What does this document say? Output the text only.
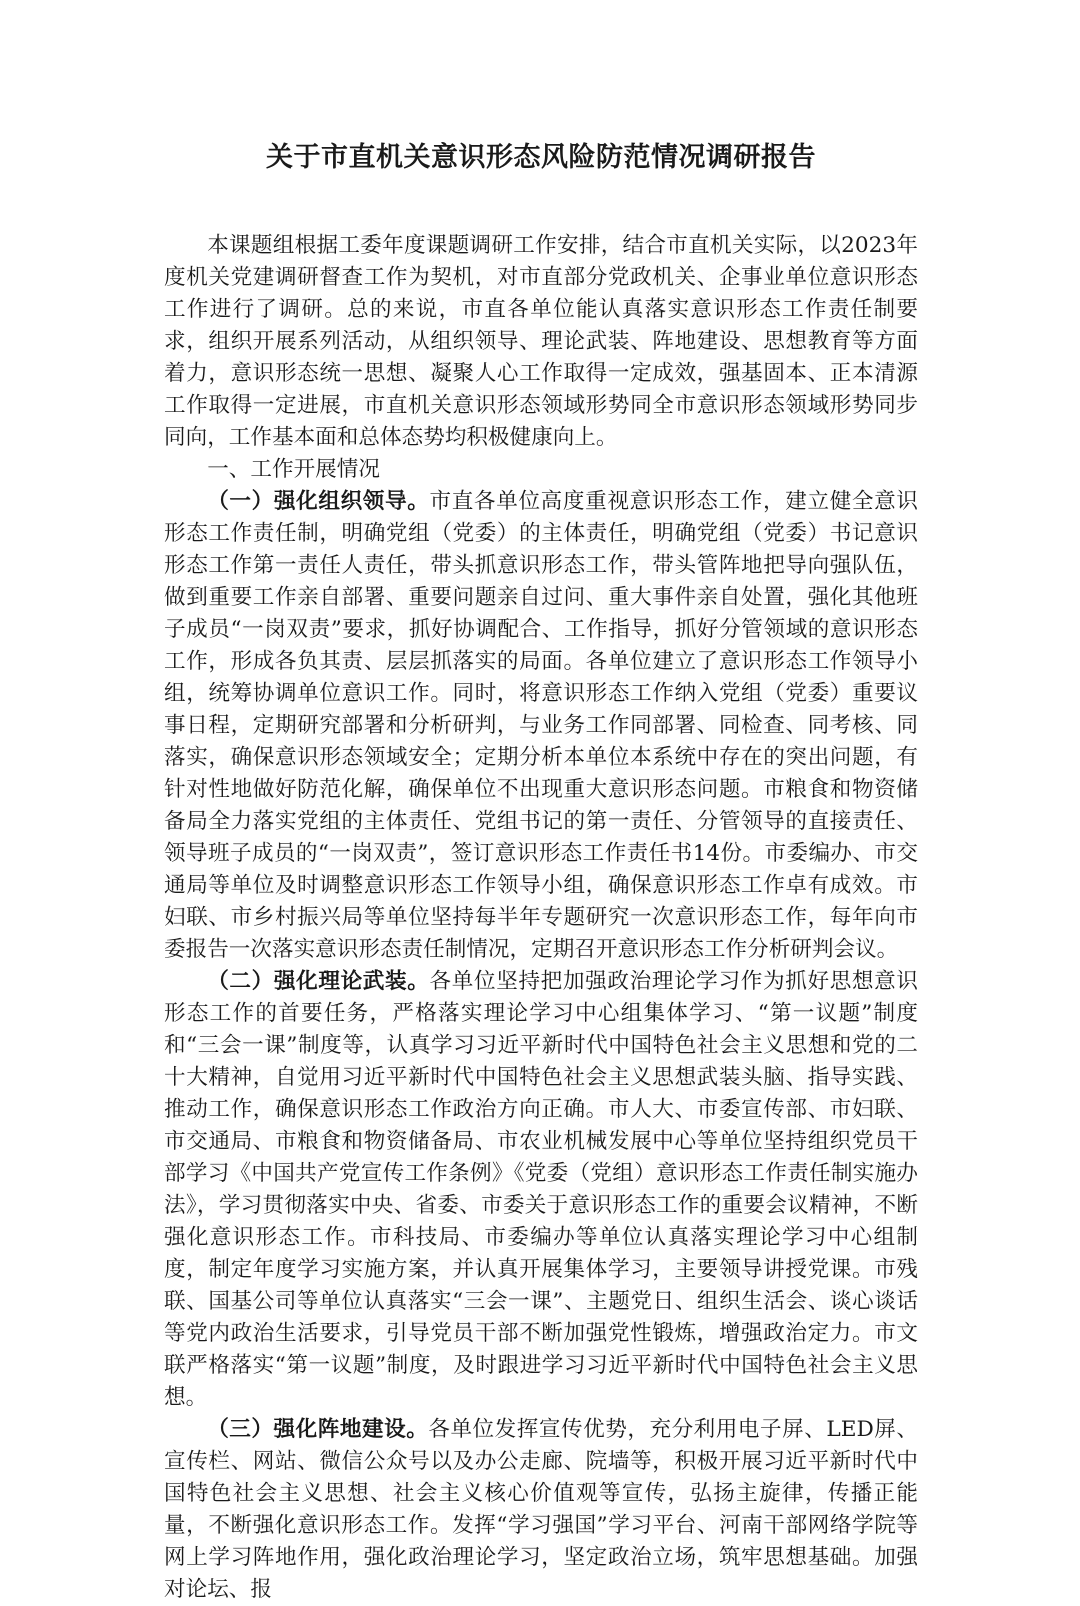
关于市直机关意识形态风险防范情况调研报告

本课题组根据工委年度课题调研工作安排，结合市直机关实际，以2023年度机关党建调研督查工作为契机，对市直部分党政机关、企事业单位意识形态工作进行了调研。总的来说，市直各单位能认真落实意识形态工作责任制要求，组织开展系列活动，从组织领导、理论武装、阵地建设、思想教育等方面着力，意识形态统一思想、凝聚人心工作取得一定成效，强基固本、正本清源工作取得一定进展，市直机关意识形态领域形势同全市意识形态领域形势同步同向，工作基本面和总体态势均积极健康向上。

一、工作开展情况

（一）强化组织领导。市直各单位高度重视意识形态工作，建立健全意识形态工作责任制，明确党组（党委）的主体责任，明确党组（党委）书记意识形态工作第一责任人责任，带头抓意识形态工作，带头管阵地把导向强队伍，做到重要工作亲自部署、重要问题亲自过问、重大事件亲自处置，强化其他班子成员“一岗双责”要求，抓好协调配合、工作指导，抓好分管领域的意识形态工作，形成各负其责、层层抓落实的局面。各单位建立了意识形态工作领导小组，统筹协调单位意识工作。同时，将意识形态工作纳入党组（党委）重要议事日程，定期研究部署和分析研判，与业务工作同部署、同检查、同考核、同落实，确保意识形态领域安全；定期分析本单位本系统中存在的突出问题，有针对性地做好防范化解，确保单位不出现重大意识形态问题。市粮食和物资储备局全力落实党组的主体责任、党组书记的第一责任、分管领导的直接责任、领导班子成员的“一岗双责”，签订意识形态工作责任书14份。市委编办、市交通局等单位及时调整意识形态工作领导小组，确保意识形态工作卓有成效。市妇联、市乡村振兴局等单位坚持每半年专题研究一次意识形态工作，每年向市委报告一次落实意识形态责任制情况，定期召开意识形态工作分析研判会议。

（二）强化理论武装。各单位坚持把加强政治理论学习作为抓好思想意识形态工作的首要任务，严格落实理论学习中心组集体学习、“第一议题”制度和“三会一课”制度等，认真学习习近平新时代中国特色社会主义思想和党的二十大精神，自觉用习近平新时代中国特色社会主义思想武装头脑、指导实践、推动工作，确保意识形态工作政治方向正确。市人大、市委宣传部、市妇联、市交通局、市粮食和物资储备局、市农业机械发展中心等单位坚持组织党员干部学习《中国共产党宣传工作条例》《党委（党组）意识形态工作责任制实施办法》，学习贯彻落实中央、省委、市委关于意识形态工作的重要会议精神，不断强化意识形态工作。市科技局、市委编办等单位认真落实理论学习中心组制度，制定年度学习实施方案，并认真开展集体学习，主要领导讲授党课。市残联、国基公司等单位认真落实“三会一课”、主题党日、组织生活会、谈心谈话等党内政治生活要求，引导党员干部不断加强党性锻炼，增强政治定力。市文联严格落实“第一议题”制度，及时跟进学习习近平新时代中国特色社会主义思想。

（三）强化阵地建设。各单位发挥宣传优势，充分利用电子屏、LED屏、宣传栏、网站、微信公众号以及办公走廊、院墙等，积极开展习近平新时代中国特色社会主义思想、社会主义核心价值观等宣传，弘扬主旋律，传播正能量，不断强化意识形态工作。发挥“学习强国”学习平台、河南干部网络学院等网上学习阵地作用，强化政治理论学习，坚定政治立场，筑牢思想基础。加强对论坛、报
